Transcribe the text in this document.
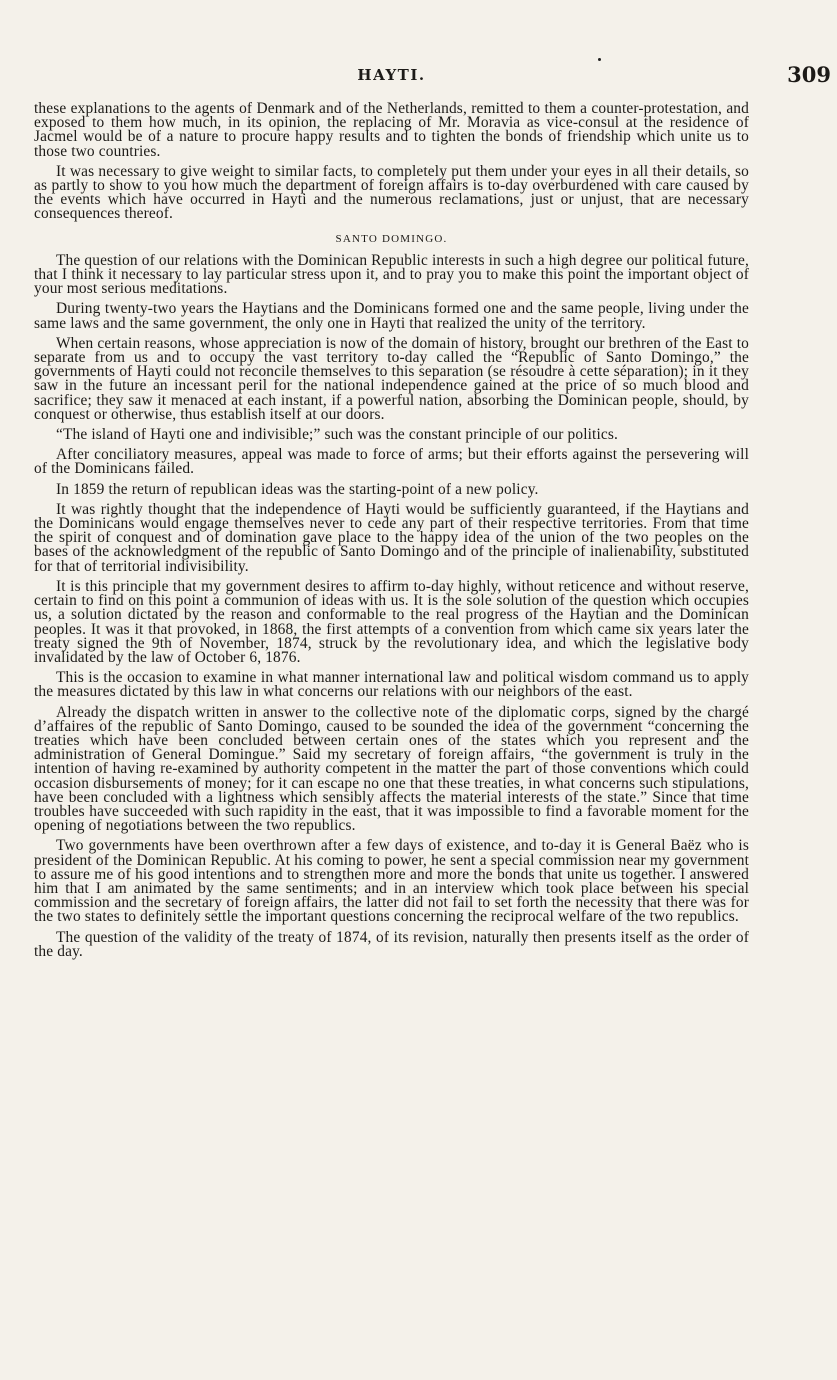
HAYTI.	309

these explanations to the agents of Denmark and of the Netherlands, remitted to them a counter-protestation, and exposed to them how much, in its opinion, the replacing of Mr. Moravia as vice-consul at the residence of Jacmel would be of a nature to procure happy results and to tighten the bonds of friendship which unite us to those two countries.

It was necessary to give weight to similar facts, to completely put them under your eyes in all their details, so as partly to show to you how much the department of foreign affairs is to-day overburdened with care caused by the events which have occurred in Hayti and the numerous reclamations, just or unjust, that are necessary consequences thereof.

SANTO DOMINGO.

The question of our relations with the Dominican Republic interests in such a high degree our political future, that I think it necessary to lay particular stress upon it, and to pray you to make this point the important object of your most serious meditations.

During twenty-two years the Haytians and the Dominicans formed one and the same people, living under the same laws and the same government, the only one in Hayti that realized the unity of the territory.

When certain reasons, whose appreciation is now of the domain of history, brought our brethren of the East to separate from us and to occupy the vast territory to-day called the “Republic of Santo Domingo,” the governments of Hayti could not reconcile themselves to this separation (se résoudre à cette séparation); in it they saw in the future an incessant peril for the national independence gained at the price of so much blood and sacrifice; they saw it menaced at each instant, if a powerful nation, absorbing the Dominican people, should, by conquest or otherwise, thus establish itself at our doors.

“The island of Hayti one and indivisible;” such was the constant principle of our politics.

After conciliatory measures, appeal was made to force of arms; but their efforts against the persevering will of the Dominicans failed.

In 1859 the return of republican ideas was the starting-point of a new policy.

It was rightly thought that the independence of Hayti would be sufficiently guaranteed, if the Haytians and the Dominicans would engage themselves never to cede any part of their respective territories. From that time the spirit of conquest and of domination gave place to the happy idea of the union of the two peoples on the bases of the acknowledgment of the republic of Santo Domingo and of the principle of inalienability, substituted for that of territorial indivisibility.

It is this principle that my government desires to affirm to-day highly, without reticence and without reserve, certain to find on this point a communion of ideas with us. It is the sole solution of the question which occupies us, a solution dictated by the reason and conformable to the real progress of the Haytian and the Dominican peoples. It was it that provoked, in 1868, the first attempts of a convention from which came six years later the treaty signed the 9th of November, 1874, struck by the revolutionary idea, and which the legislative body invalidated by the law of October 6, 1876.

This is the occasion to examine in what manner international law and political wisdom command us to apply the measures dictated by this law in what concerns our relations with our neighbors of the east.

Already the dispatch written in answer to the collective note of the diplomatic corps, signed by the chargé d’affaires of the republic of Santo Domingo, caused to be sounded the idea of the government “concerning the treaties which have been concluded between certain ones of the states which you represent and the administration of General Domingue.” Said my secretary of foreign affairs, “the government is truly in the intention of having re-examined by authority competent in the matter the part of those conventions which could occasion disbursements of money; for it can escape no one that these treaties, in what concerns such stipulations, have been concluded with a lightness which sensibly affects the material interests of the state.” Since that time troubles have succeeded with such rapidity in the east, that it was impossible to find a favorable moment for the opening of negotiations between the two republics.

Two governments have been overthrown after a few days of existence, and to-day it is General Baëz who is president of the Dominican Republic. At his coming to power, he sent a special commission near my government to assure me of his good intentions and to strengthen more and more the bonds that unite us together. I answered him that I am animated by the same sentiments; and in an interview which took place between his special commission and the secretary of foreign affairs, the latter did not fail to set forth the necessity that there was for the two states to definitely settle the important questions concerning the reciprocal welfare of the two republics.

The question of the validity of the treaty of 1874, of its revision, naturally then presents itself as the order of the day.
